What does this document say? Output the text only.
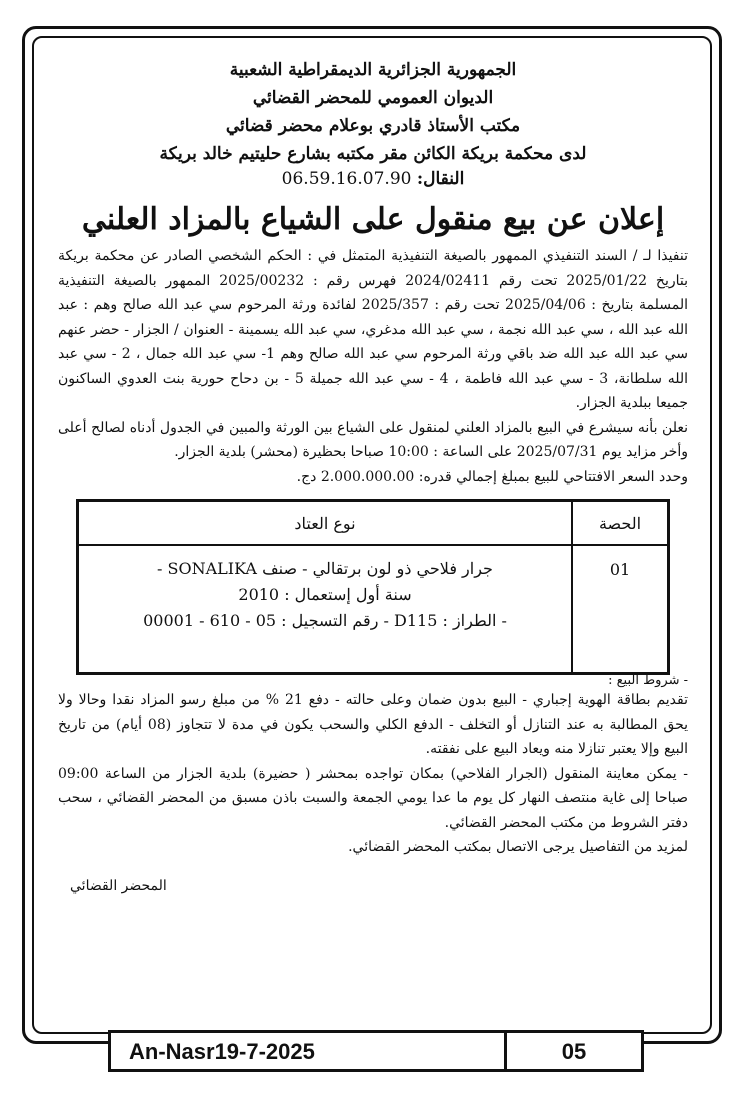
الجمهورية الجزائرية الديمقراطية الشعبية
الديوان العمومي للمحضر القضائي
مكتب الأستاذ قادري بوعلام محضر قضائي
لدى محكمة بريكة الكائن مقر مكتبه بشارع حليتيم خالد بريكة
النقال: 06.59.16.07.90
إعلان عن بيع منقول على الشياع بالمزاد العلني

تنفيذا لـ / السند التنفيذي الممهور بالصيغة التنفيذية المتمثل في : الحكم الشخصي الصادر عن محكمة بريكة بتاريخ 2025/01/22 تحت رقم 2024/02411 فهرس رقم : 2025/00232 الممهور بالصيغة التنفيذية المسلمة بتاريخ : 2025/04/06 تحت رقم : 2025/357 لفائدة ورثة المرحوم سي عبد الله صالح وهم : عبد الله عبد الله ، سي عبد الله نجمة ، سي عبد الله مدغري، سي عبد الله يسمينة - العنوان / الجزار - حضر عنهم سي عبد الله عبد الله ضد باقي ورثة المرحوم سي عبد الله صالح وهم 1- سي عبد الله جمال ، 2 - سي عبد الله سلطانة، 3 - سي عبد الله فاطمة ، 4 - سي عبد الله جميلة 5 - بن دحاح حورية بنت العدوي الساكنون جميعا ببلدية الجزار.

نعلن بأنه سيشرع في البيع بالمزاد العلني لمنقول على الشياع بين الورثة والمبين في الجدول أدناه لصالح أعلى وأخر مزايد يوم 2025/07/31 على الساعة : 10:00 صباحا بحظيرة (محشر) بلدية الجزار.

وحدد السعر الافتتاحي للبيع بمبلغ إجمالي قدره: 2.000.000.00 دج.

الحصة	نوع العتاد
01	جرار فلاحي ذو لون برتقالي - صنف SONALIKA -
سنة أول إستعمال : 2010
- الطراز : D115 - رقم التسجيل : 05 - 610 - 00001
- شروط البيع :

تقديم بطاقة الهوية إجباري - البيع بدون ضمان وعلى حالته - دفع 21 % من مبلغ رسو المزاد نقدا وحالا ولا يحق المطالبة به عند التنازل أو التخلف - الدفع الكلي والسحب يكون في مدة لا تتجاوز (08 أيام) من تاريخ البيع وإلا يعتبر تنازلا منه ويعاد البيع على نفقته.

- يمكن معاينة المنقول (الجرار الفلاحي) بمكان تواجده بمحشر ( حضيرة) بلدية الجزار من الساعة 09:00 صباحا إلى غاية منتصف النهار كل يوم ما عدا يومي الجمعة والسبت باذن مسبق من المحضر القضائي ، سحب دفتر الشروط من مكتب المحضر القضائي.

لمزيد من التفاصيل يرجى الاتصال بمكتب المحضر القضائي.

المحضر القضائي
An-Nasr19-7-2025	05
